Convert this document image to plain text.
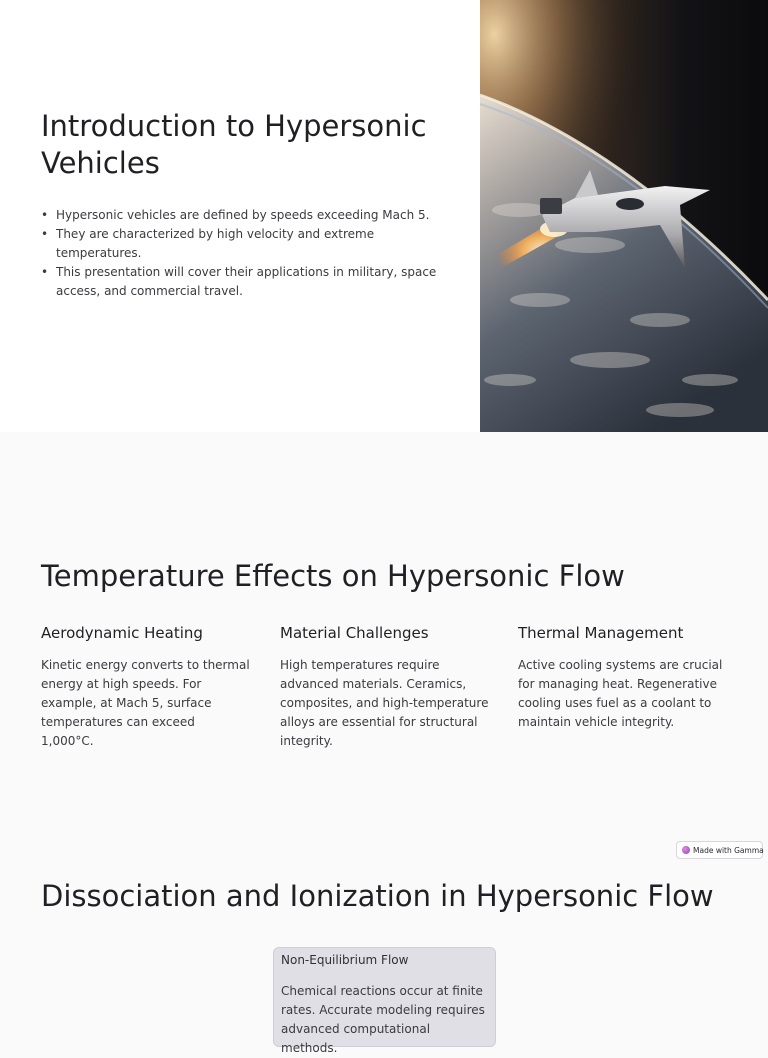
Introduction to Hypersonic Vehicles
• Hypersonic vehicles are defined by speeds exceeding Mach 5.
• They are characterized by high velocity and extreme temperatures.
• This presentation will cover their applications in military, space access, and commercial travel.
Temperature Effects on Hypersonic Flow
Aerodynamic Heating
Kinetic energy converts to thermal energy at high speeds. For example, at Mach 5, surface temperatures can exceed 1,000°C.
Material Challenges
High temperatures require advanced materials. Ceramics, composites, and high-temperature alloys are essential for structural integrity.
Thermal Management
Active cooling systems are crucial for managing heat. Regenerative cooling uses fuel as a coolant to maintain vehicle integrity.
Made with Gamma
Dissociation and Ionization in Hypersonic Flow
Non-Equilibrium Flow
Chemical reactions occur at finite rates. Accurate modeling requires advanced computational methods.
